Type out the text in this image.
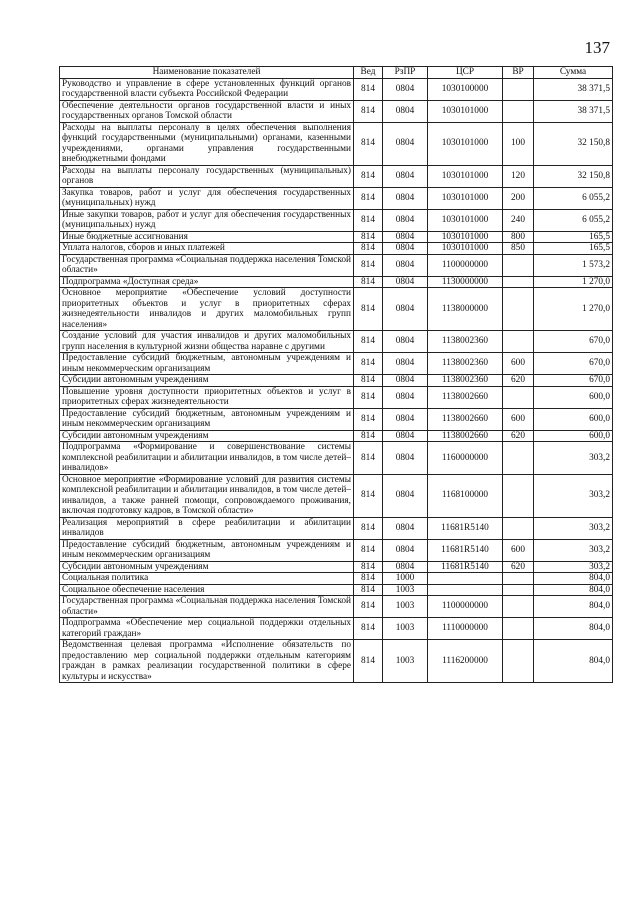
137
Наименование показателей	Вед	РзПР	ЦСР	ВР	Сумма
Руководство и управление в сфере установленных функций органов государственной власти субъекта Российской Федерации	814	0804	1030100000		38 371,5
Обеспечение деятельности органов государственной власти и иных государственных органов Томской области	814	0804	1030101000		38 371,5
Расходы на выплаты персоналу в целях обеспечения выполнения функций государственными (муниципальными) органами, казенными учреждениями, органами управления государственными внебюджетными фондами	814	0804	1030101000	100	32 150,8
Расходы на выплаты персоналу государственных (муниципальных) органов	814	0804	1030101000	120	32 150,8
Закупка товаров, работ и услуг для обеспечения государственных (муниципальных) нужд	814	0804	1030101000	200	6 055,2
Иные закупки товаров, работ и услуг для обеспечения государственных (муниципальных) нужд	814	0804	1030101000	240	6 055,2
Иные бюджетные ассигнования	814	0804	1030101000	800	165,5
Уплата налогов, сборов и иных платежей	814	0804	1030101000	850	165,5
Государственная программа «Социальная поддержка населения Томской области»	814	0804	1100000000		1 573,2
Подпрограмма «Доступная среда»	814	0804	1130000000		1 270,0
Основное мероприятие «Обеспечение условий доступности приоритетных объектов и услуг в приоритетных сферах жизнедеятельности инвалидов и других маломобильных групп населения»	814	0804	1138000000		1 270,0
Создание условий для участия инвалидов и других маломобильных групп населения в культурной жизни общества наравне с другими	814	0804	1138002360		670,0
Предоставление субсидий бюджетным, автономным учреждениям и иным некоммерческим организациям	814	0804	1138002360	600	670,0
Субсидии автономным учреждениям	814	0804	1138002360	620	670,0
Повышение уровня доступности приоритетных объектов и услуг в приоритетных сферах жизнедеятельности	814	0804	1138002660		600,0
Предоставление субсидий бюджетным, автономным учреждениям и иным некоммерческим организациям	814	0804	1138002660	600	600,0
Субсидии автономным учреждениям	814	0804	1138002660	620	600,0
Подпрограмма «Формирование и совершенствование системы комплексной реабилитации и абилитации инвалидов, в том числе детей–инвалидов»	814	0804	1160000000		303,2
Основное мероприятие «Формирование условий для развития системы комплексной реабилитации и абилитации инвалидов, в том числе детей–инвалидов, а также ранней помощи, сопровождаемого проживания, включая подготовку кадров, в Томской области»	814	0804	1168100000		303,2
Реализация мероприятий в сфере реабилитации и абилитации инвалидов	814	0804	11681R5140		303,2
Предоставление субсидий бюджетным, автономным учреждениям и иным некоммерческим организациям	814	0804	11681R5140	600	303,2
Субсидии автономным учреждениям	814	0804	11681R5140	620	303,2
Социальная политика	814	1000			804,0
Социальное обеспечение населения	814	1003			804,0
Государственная программа «Социальная поддержка населения Томской области»	814	1003	1100000000		804,0
Подпрограмма «Обеспечение мер социальной поддержки отдельных категорий граждан»	814	1003	1110000000		804,0
Ведомственная целевая программа «Исполнение обязательств по предоставлению мер социальной поддержки отдельным категориям граждан в рамках реализации государственной политики в сфере культуры и искусства»	814	1003	1116200000		804,0
